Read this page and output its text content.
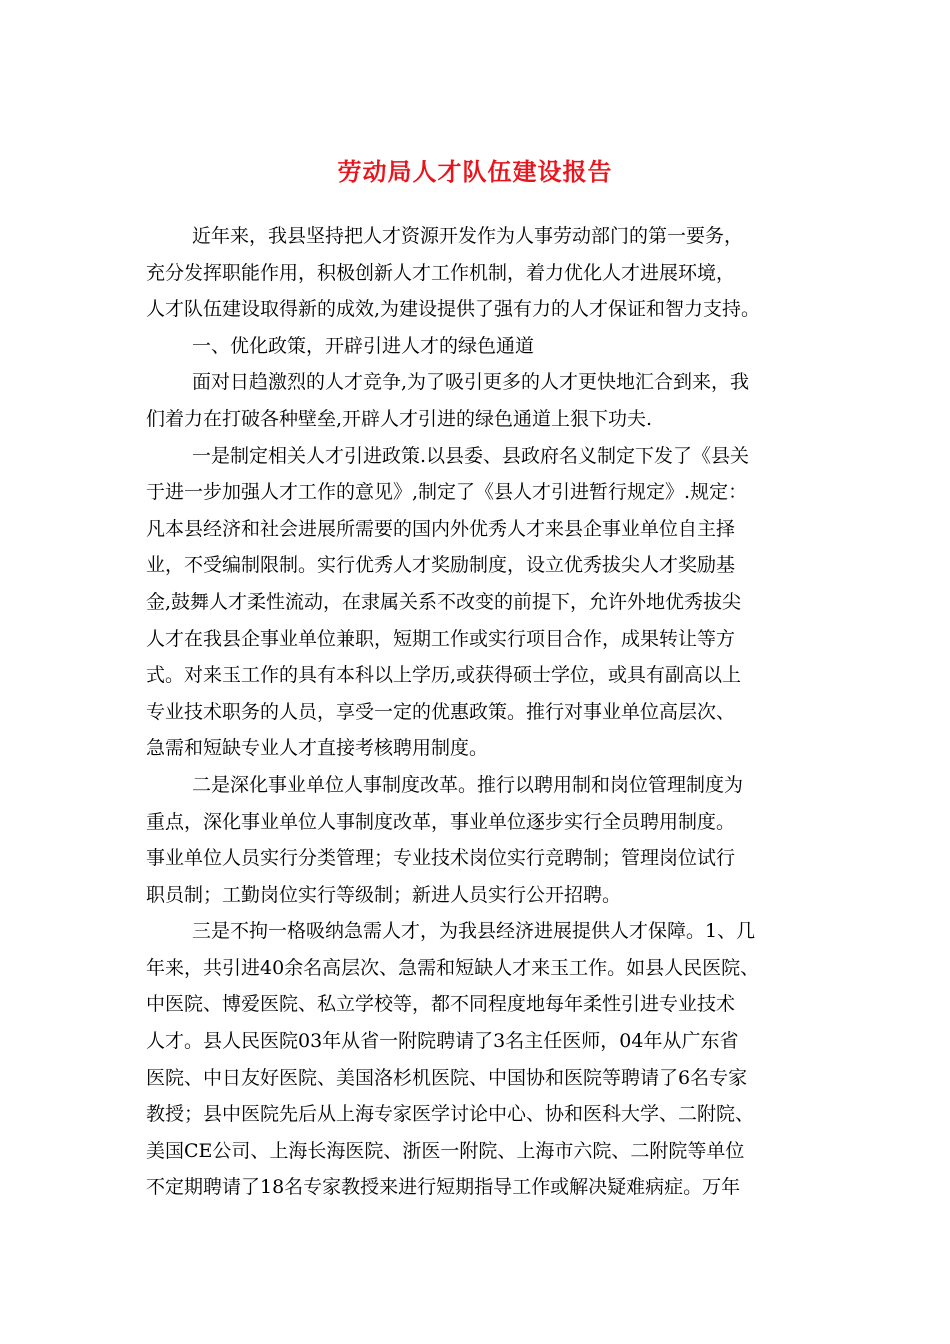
劳动局人才队伍建设报告
近年来，我县坚持把人才资源开发作为人事劳动部门的第一要务，
充分发挥职能作用，积极创新人才工作机制，着力优化人才进展环境，
人才队伍建设取得新的成效,为建设提供了强有力的人才保证和智力支持。
一、优化政策，开辟引进人才的绿色通道
面对日趋激烈的人才竞争,为了吸引更多的人才更快地汇合到来，我
们着力在打破各种壁垒,开辟人才引进的绿色通道上狠下功夫.
一是制定相关人才引进政策.以县委、县政府名义制定下发了《县关
于进一步加强人才工作的意见》,制定了《县人才引进暂行规定》.规定：
凡本县经济和社会进展所需要的国内外优秀人才来县企事业单位自主择
业，不受编制限制。实行优秀人才奖励制度，设立优秀拔尖人才奖励基
金,鼓舞人才柔性流动，在隶属关系不改变的前提下，允许外地优秀拔尖
人才在我县企事业单位兼职，短期工作或实行项目合作，成果转让等方
式。对来玉工作的具有本科以上学历,或获得硕士学位，或具有副高以上
专业技术职务的人员，享受一定的优惠政策。推行对事业单位高层次、
急需和短缺专业人才直接考核聘用制度。
二是深化事业单位人事制度改革。推行以聘用制和岗位管理制度为
重点，深化事业单位人事制度改革，事业单位逐步实行全员聘用制度。
事业单位人员实行分类管理；专业技术岗位实行竞聘制；管理岗位试行
职员制；工勤岗位实行等级制；新进人员实行公开招聘。
三是不拘一格吸纳急需人才，为我县经济进展提供人才保障。1、几
年来，共引进40余名高层次、急需和短缺人才来玉工作。如县人民医院、
中医院、博爱医院、私立学校等，都不同程度地每年柔性引进专业技术
人才。县人民医院03年从省一附院聘请了3名主任医师，04年从广东省
医院、中日友好医院、美国洛杉机医院、中国协和医院等聘请了6名专家
教授；县中医院先后从上海专家医学讨论中心、协和医科大学、二附院、
美国CE公司、上海长海医院、浙医一附院、上海市六院、二附院等单位
不定期聘请了18名专家教授来进行短期指导工作或解决疑难病症。万年
